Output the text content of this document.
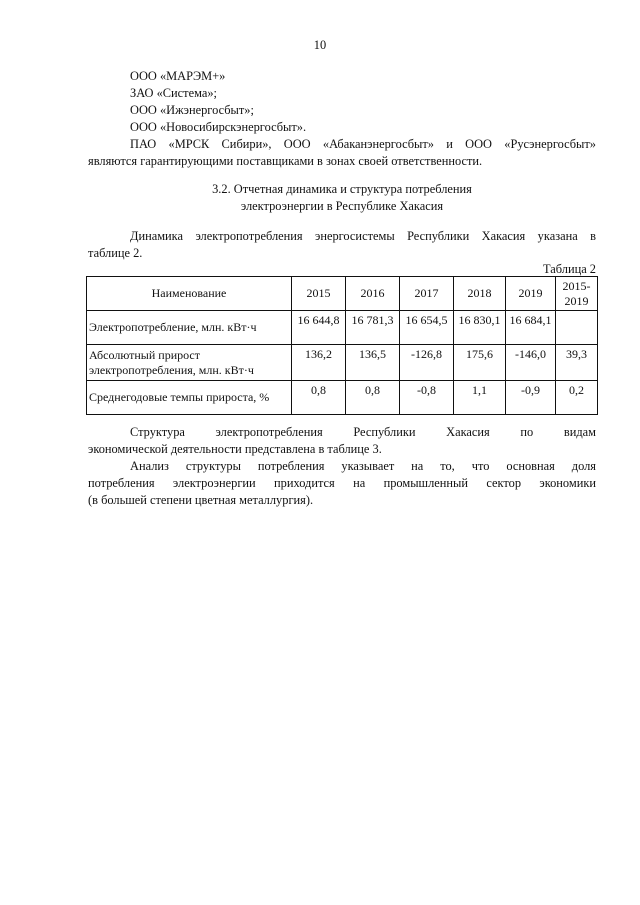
10
ООО «МАРЭМ+»
ЗАО «Система»;
ООО «Ижэнергосбыт»;
ООО «Новосибирскэнергосбыт».
ПАО «МРСК Сибири», ООО «Абаканэнергосбыт» и ООО «Русэнергосбыт»
являются гарантирующими поставщиками в зонах своей ответственности.
3.2. Отчетная динамика и структура потребления
электроэнергии в Республике Хакасия
Динамика электропотребления энергосистемы Республики Хакасия указана в
таблице 2.
Таблица 2
Наименование	2015	2016	2017	2018	2019	2015-
2019

Электропотребление, млн. кВт·ч	16 644,8	16 781,3	16 654,5	16 830,1	16 684,1	

Абсолютный прирост
электропотребления, млн. кВт·ч	136,2	136,5	-126,8	175,6	-146,0	39,3
Среднегодовые темпы прироста, %	0,8	0,8	-0,8	1,1	-0,9	0,2
Структура электропотребления Республики Хакасия по видам
экономической деятельности представлена в таблице 3.
Анализ структуры потребления указывает на то, что основная доля
потребления электроэнергии приходится на промышленный сектор экономики
(в большей степени цветная металлургия).
